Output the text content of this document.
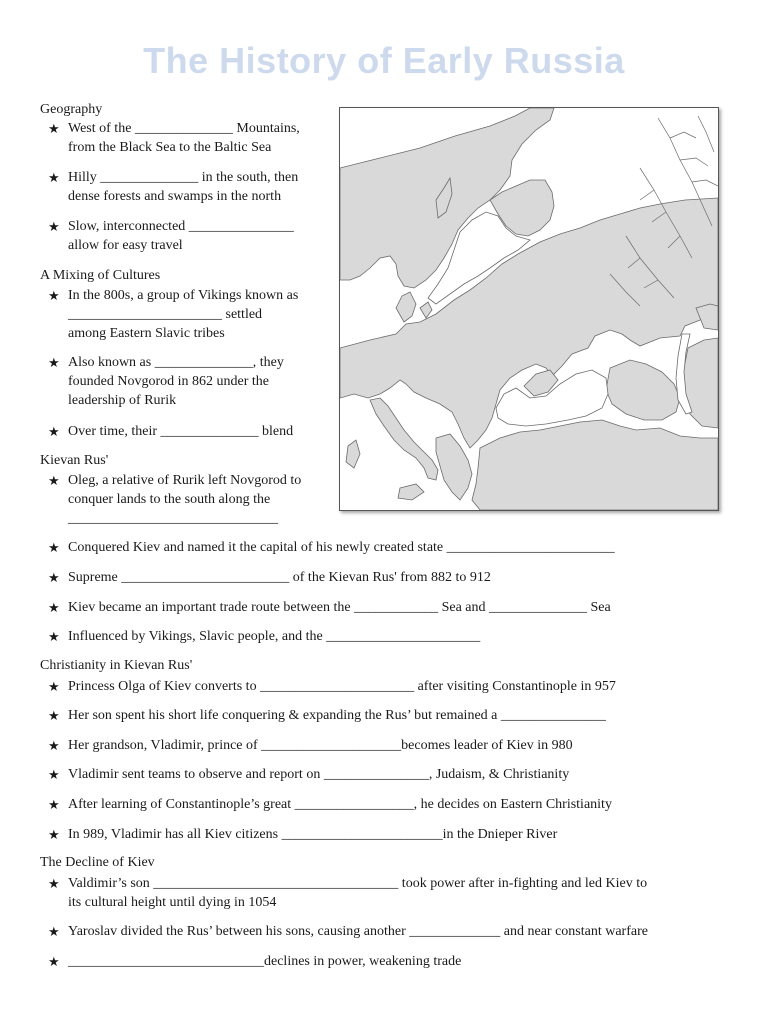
The History of Early Russia
Geography
★ West of the ______________ Mountains,
from the Black Sea to the Baltic Sea
★ Hilly ______________ in the south, then
dense forests and swamps in the north
★ Slow, interconnected _______________
allow for easy travel
A Mixing of Cultures
★ In the 800s, a group of Vikings known as
______________________ settled
among Eastern Slavic tribes
★ Also known as ______________, they
founded Novgorod in 862 under the
leadership of Rurik
★ Over time, their ______________ blend
Kievan Rus'
★ Oleg, a relative of Rurik left Novgorod to
conquer lands to the south along the
______________________________
★ Conquered Kiev and named it the capital of his newly created state ________________________
★ Supreme ________________________ of the Kievan Rus' from 882 to 912
★ Kiev became an important trade route between the ____________ Sea and ______________ Sea
★ Influenced by Vikings, Slavic people, and the ______________________
Christianity in Kievan Rus'
★ Princess Olga of Kiev converts to ______________________ after visiting Constantinople in 957
★ Her son spent his short life conquering & expanding the Rus’ but remained a _______________
★ Her grandson, Vladimir, prince of ____________________becomes leader of Kiev in 980
★ Vladimir sent teams to observe and report on _______________, Judaism, & Christianity
★ After learning of Constantinople’s great _________________, he decides on Eastern Christianity
★ In 989, Vladimir has all Kiev citizens _______________________in the Dnieper River
The Decline of Kiev
★ Valdimir’s son ___________________________________ took power after in-fighting and led Kiev to
its cultural height until dying in 1054
★ Yaroslav divided the Rus’ between his sons, causing another _____________ and near constant warfare
★ ____________________________declines in power, weakening trade
